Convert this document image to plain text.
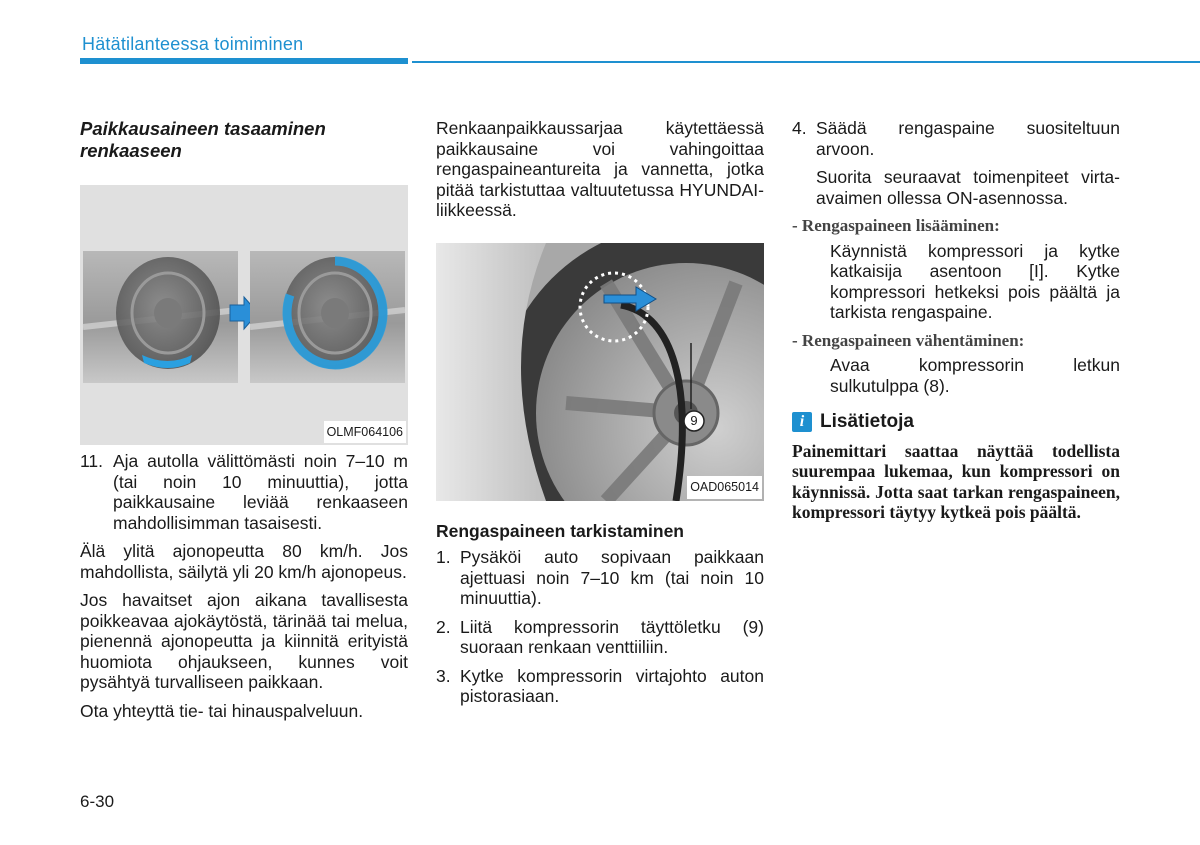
Hätätilanteessa toimiminen
Paikkausaineen tasaaminen renkaaseen
OLMF064106
11. Aja autolla välittömästi noin 7–10 m (tai noin 10 minuuttia), jotta paikkausaine leviää renkaaseen mahdollisimman tasaisesti.

Älä ylitä ajonopeutta 80 km/h. Jos mahdollista, säilytä yli 20 km/h ajonopeus.

Jos havaitset ajon aikana tavallisesta poikkeavaa ajokäytöstä, tärinää tai melua, pienennä ajonopeutta ja kiinnitä erityistä huomiota ohjaukseen, kunnes voit pysähtyä turvalliseen paikkaan.

Ota yhteyttä tie- tai hinauspalveluun.

Renkaanpaikkaussarjaa käytettäessä paikkausaine voi vahingoittaa rengaspaineantureita ja vannetta, jotka pitää tarkistuttaa valtuutetussa HYUNDAI-liikkeessä.

9
OAD065014
Rengaspaineen tarkistaminen
1. Pysäköi auto sopivaan paikkaan ajettuasi noin 7–10 km (tai noin 10 minuuttia).
2. Liitä kompressorin täyttöletku (9) suoraan renkaan venttiiliin.
3. Kytke kompressorin virtajohto auton pistorasiaan.
4. Säädä rengaspaine suositeltuun arvoon.

Suorita seuraavat toimenpiteet virta-avaimen ollessa ON-asennossa.

- Rengaspaineen lisääminen:

Käynnistä kompressori ja kytke katkaisija asentoon [I]. Kytke kompressori hetkeksi pois päältä ja tarkista rengaspaine.

- Rengaspaineen vähentäminen:

Avaa kompressorin letkun sulkutulppa (8).

i Lisätietoja
Painemittari saattaa näyttää todellista suurempaa lukemaa, kun kompressori on käynnissä. Jotta saat tarkan rengaspaineen, kompressori täytyy kytkeä pois päältä.
6-30
